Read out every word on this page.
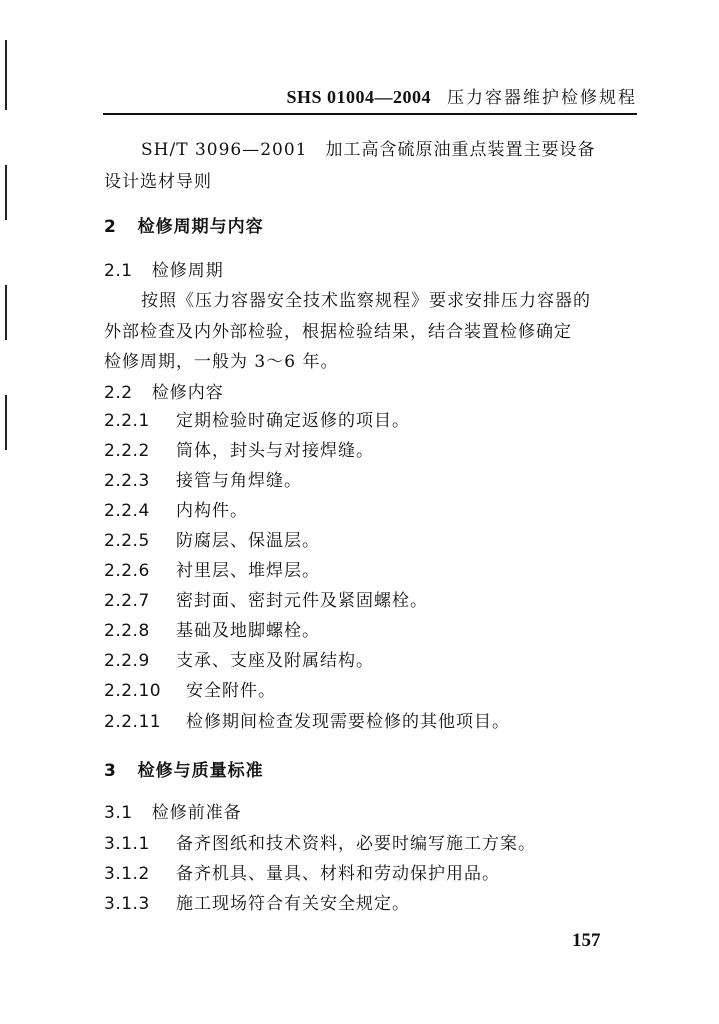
SHS 01004—2004 压力容器维护检修规程
SH/T 3096—2001　加工高含硫原油重点装置主要设备
设计选材导则
2 检修周期与内容
2.1 检修周期
按照《压力容器安全技术监察规程》要求安排压力容器的
外部检查及内外部检验，根据检验结果，结合装置检修确定
检修周期，一般为 3～6 年。
2.2 检修内容
2.2.1 定期检验时确定返修的项目。
2.2.2 筒体，封头与对接焊缝。
2.2.3 接管与角焊缝。
2.2.4 内构件。
2.2.5 防腐层、保温层。
2.2.6 衬里层、堆焊层。
2.2.7 密封面、密封元件及紧固螺栓。
2.2.8 基础及地脚螺栓。
2.2.9 支承、支座及附属结构。
2.2.10 安全附件。
2.2.11 检修期间检查发现需要检修的其他项目。
3 检修与质量标准
3.1 检修前准备
3.1.1 备齐图纸和技术资料，必要时编写施工方案。
3.1.2 备齐机具、量具、材料和劳动保护用品。
3.1.3 施工现场符合有关安全规定。
157
